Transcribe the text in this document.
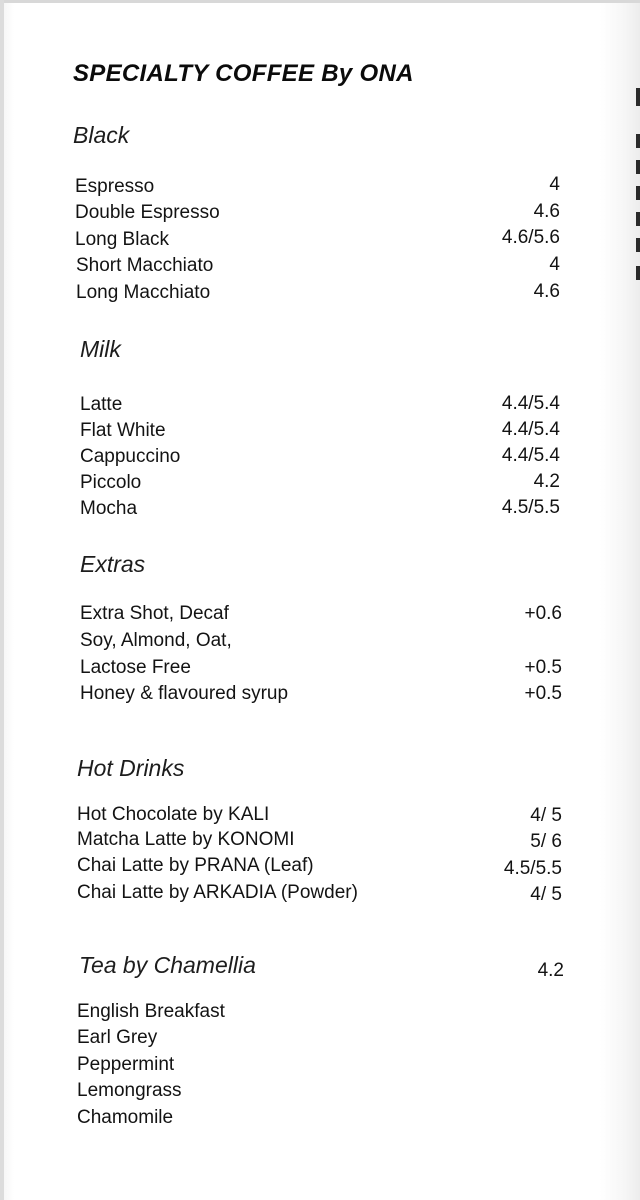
SPECIALTY COFFEE By ONA
Black
Espresso	4
Double Espresso	4.6
Long Black	4.6/5.6
Short Macchiato	4
Long Macchiato	4.6
Milk
Latte	4.4/5.4
Flat White	4.4/5.4
Cappuccino	4.4/5.4
Piccolo	4.2
Mocha	4.5/5.5
Extras
Extra Shot, Decaf	+0.6
Soy, Almond, Oat,
Lactose Free	+0.5
Honey & flavoured syrup	+0.5
Hot Drinks
Hot Chocolate by KALI	4/ 5
Matcha Latte by KONOMI	5/ 6
Chai Latte by PRANA (Leaf)	4.5/5.5
Chai Latte by ARKADIA (Powder)	4/ 5
Tea by Chamellia	4.2
English Breakfast
Earl Grey
Peppermint
Lemongrass
Chamomile
